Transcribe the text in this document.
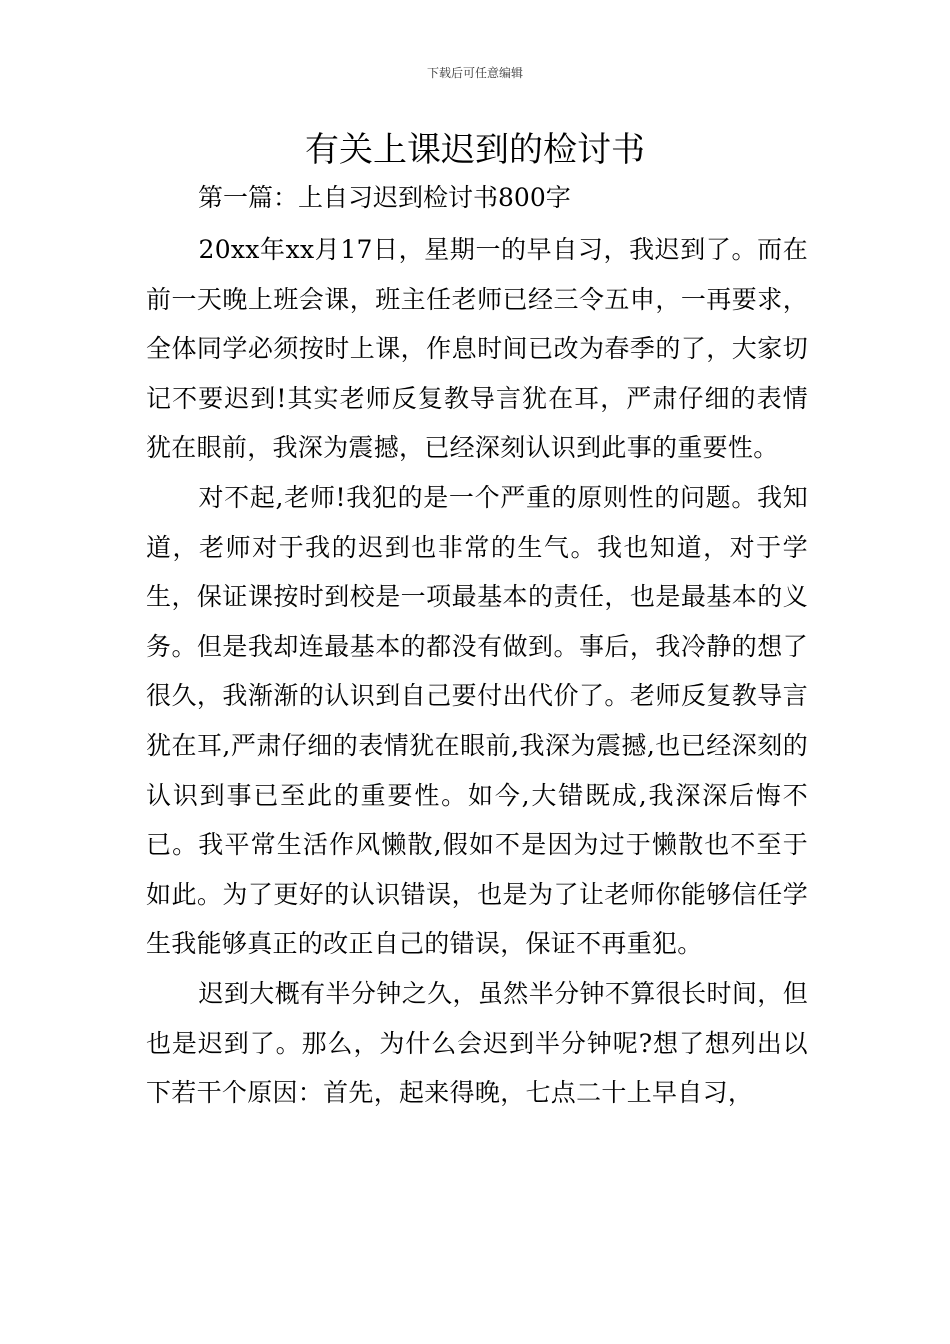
下载后可任意编辑
有关上课迟到的检讨书

第一篇：上自习迟到检讨书800字

20xx年xx月17日，星期一的早自习，我迟到了。而在前一天晚上班会课，班主任老师已经三令五申，一再要求，全体同学必须按时上课，作息时间已改为春季的了，大家切记不要迟到!其实老师反复教导言犹在耳，严肃仔细的表情犹在眼前，我深为震撼，已经深刻认识到此事的重要性。

对不起,老师!我犯的是一个严重的原则性的问题。我知道，老师对于我的迟到也非常的生气。我也知道，对于学生，保证课按时到校是一项最基本的责任，也是最基本的义务。但是我却连最基本的都没有做到。事后，我冷静的想了很久，我渐渐的认识到自己要付出代价了。老师反复教导言犹在耳,严肃仔细的表情犹在眼前,我深为震撼,也已经深刻的认识到事已至此的重要性。如今,大错既成,我深深后悔不已。我平常生活作风懒散,假如不是因为过于懒散也不至于如此。为了更好的认识错误，也是为了让老师你能够信任学生我能够真正的改正自己的错误，保证不再重犯。

迟到大概有半分钟之久，虽然半分钟不算很长时间，但也是迟到了。那么，为什么会迟到半分钟呢?想了想列出以下若干个原因：首先，起来得晚，七点二十上早自习，
